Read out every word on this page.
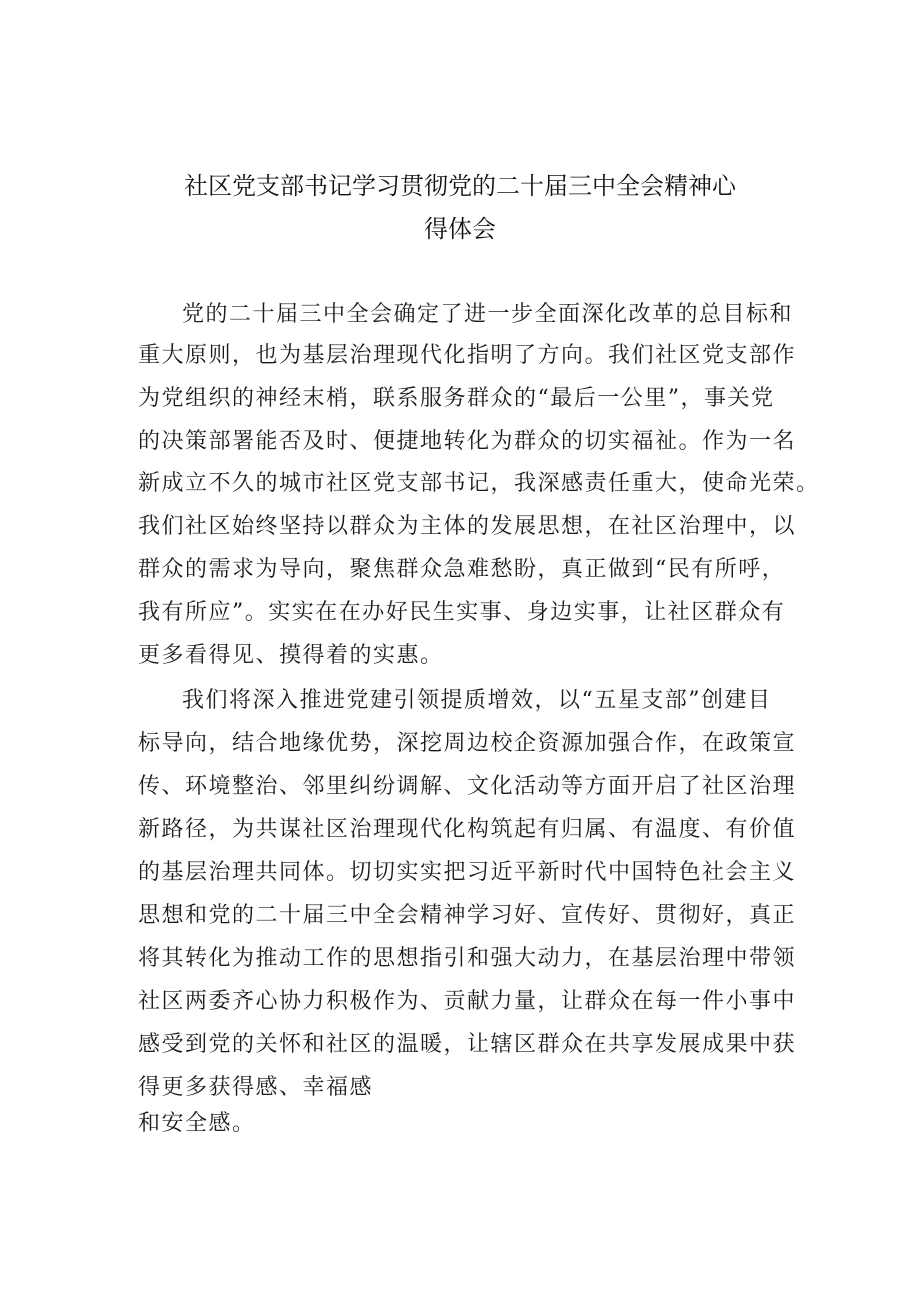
社区党支部书记学习贯彻党的二十届三中全会精神心
得体会
党的二十届三中全会确定了进一步全面深化改革的总目标和
重大原则，也为基层治理现代化指明了方向。我们社区党支部作
为党组织的神经末梢，联系服务群众的“最后一公里”，事关党
的决策部署能否及时、便捷地转化为群众的切实福祉。作为一名
新成立不久的城市社区党支部书记，我深感责任重大，使命光荣。
我们社区始终坚持以群众为主体的发展思想，在社区治理中，以
群众的需求为导向，聚焦群众急难愁盼，真正做到“民有所呼，
我有所应”。实实在在办好民生实事、身边实事，让社区群众有
更多看得见、摸得着的实惠。
我们将深入推进党建引领提质增效，以“五星支部”创建目
标导向，结合地缘优势，深挖周边校企资源加强合作，在政策宣
传、环境整治、邻里纠纷调解、文化活动等方面开启了社区治理
新路径，为共谋社区治理现代化构筑起有归属、有温度、有价值
的基层治理共同体。切切实实把习近平新时代中国特色社会主义
思想和党的二十届三中全会精神学习好、宣传好、贯彻好，真正
将其转化为推动工作的思想指引和强大动力，在基层治理中带领
社区两委齐心协力积极作为、贡献力量，让群众在每一件小事中
感受到党的关怀和社区的温暖，让辖区群众在共享发展成果中获
得更多获得感、幸福感
和安全感。
